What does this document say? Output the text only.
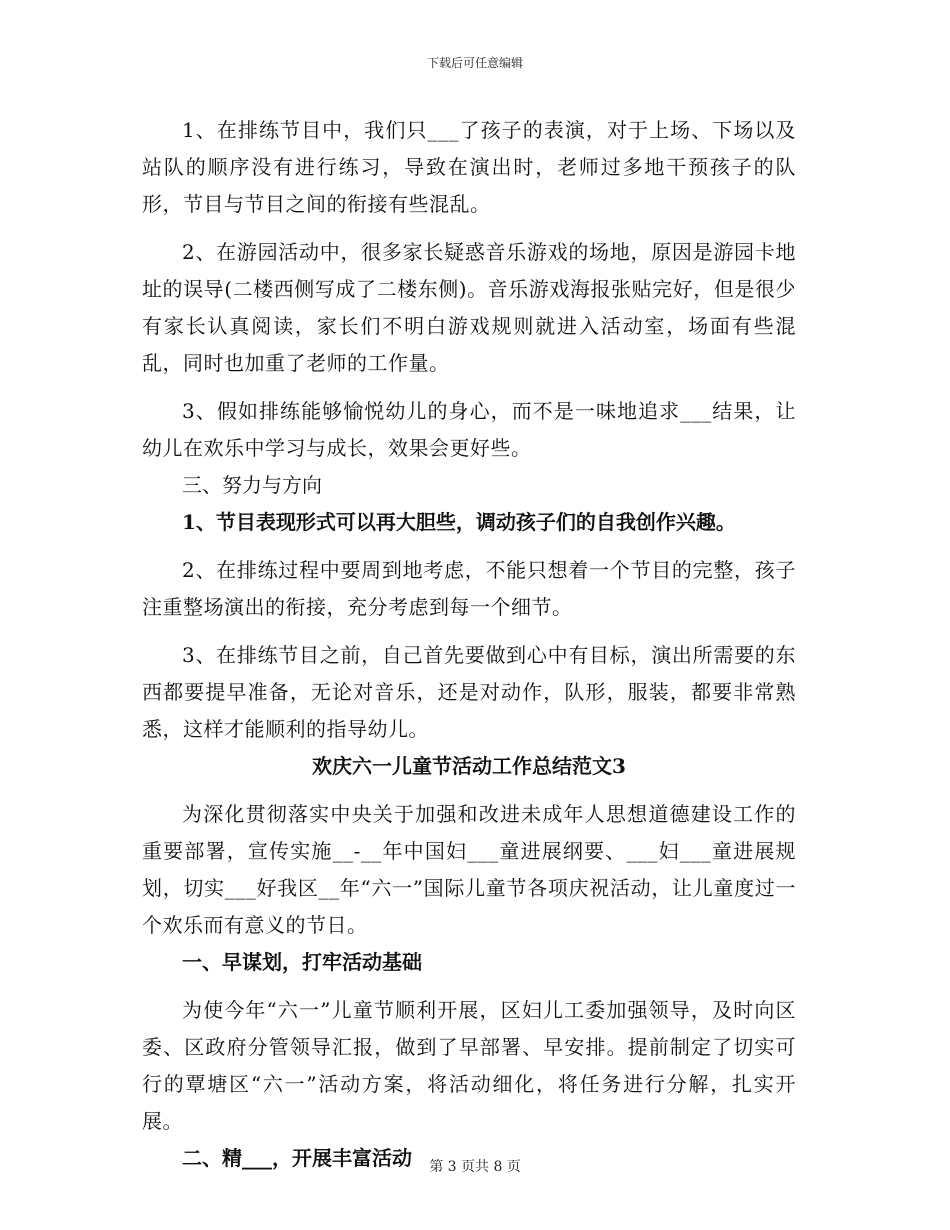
下载后可任意编辑

1、在排练节目中，我们只___了孩子的表演，对于上场、下场以及站队的顺序没有进行练习，导致在演出时，老师过多地干预孩子的队形，节目与节目之间的衔接有些混乱。

2、在游园活动中，很多家长疑惑音乐游戏的场地，原因是游园卡地址的误导(二楼西侧写成了二楼东侧)。音乐游戏海报张贴完好，但是很少有家长认真阅读，家长们不明白游戏规则就进入活动室，场面有些混乱，同时也加重了老师的工作量。

3、假如排练能够愉悦幼儿的身心，而不是一味地追求___结果，让幼儿在欢乐中学习与成长，效果会更好些。

三、努力与方向

1、节目表现形式可以再大胆些，调动孩子们的自我创作兴趣。

2、在排练过程中要周到地考虑，不能只想着一个节目的完整，孩子注重整场演出的衔接，充分考虑到每一个细节。

3、在排练节目之前，自己首先要做到心中有目标，演出所需要的东西都要提早准备，无论对音乐，还是对动作，队形，服装，都要非常熟悉，这样才能顺利的指导幼儿。

欢庆六一儿童节活动工作总结范文3

为深化贯彻落实中央关于加强和改进未成年人思想道德建设工作的重要部署，宣传实施__-__年中国妇___童进展纲要、___妇___童进展规划，切实___好我区__年“六一”国际儿童节各项庆祝活动，让儿童度过一个欢乐而有意义的节日。

一、早谋划，打牢活动基础

为使今年“六一”儿童节顺利开展，区妇儿工委加强领导，及时向区委、区政府分管领导汇报，做到了早部署、早安排。提前制定了切实可行的覃塘区“六一”活动方案，将活动细化，将任务进行分解，扎实开展。

二、精___，开展丰富活动	第 3 页共 8 页
